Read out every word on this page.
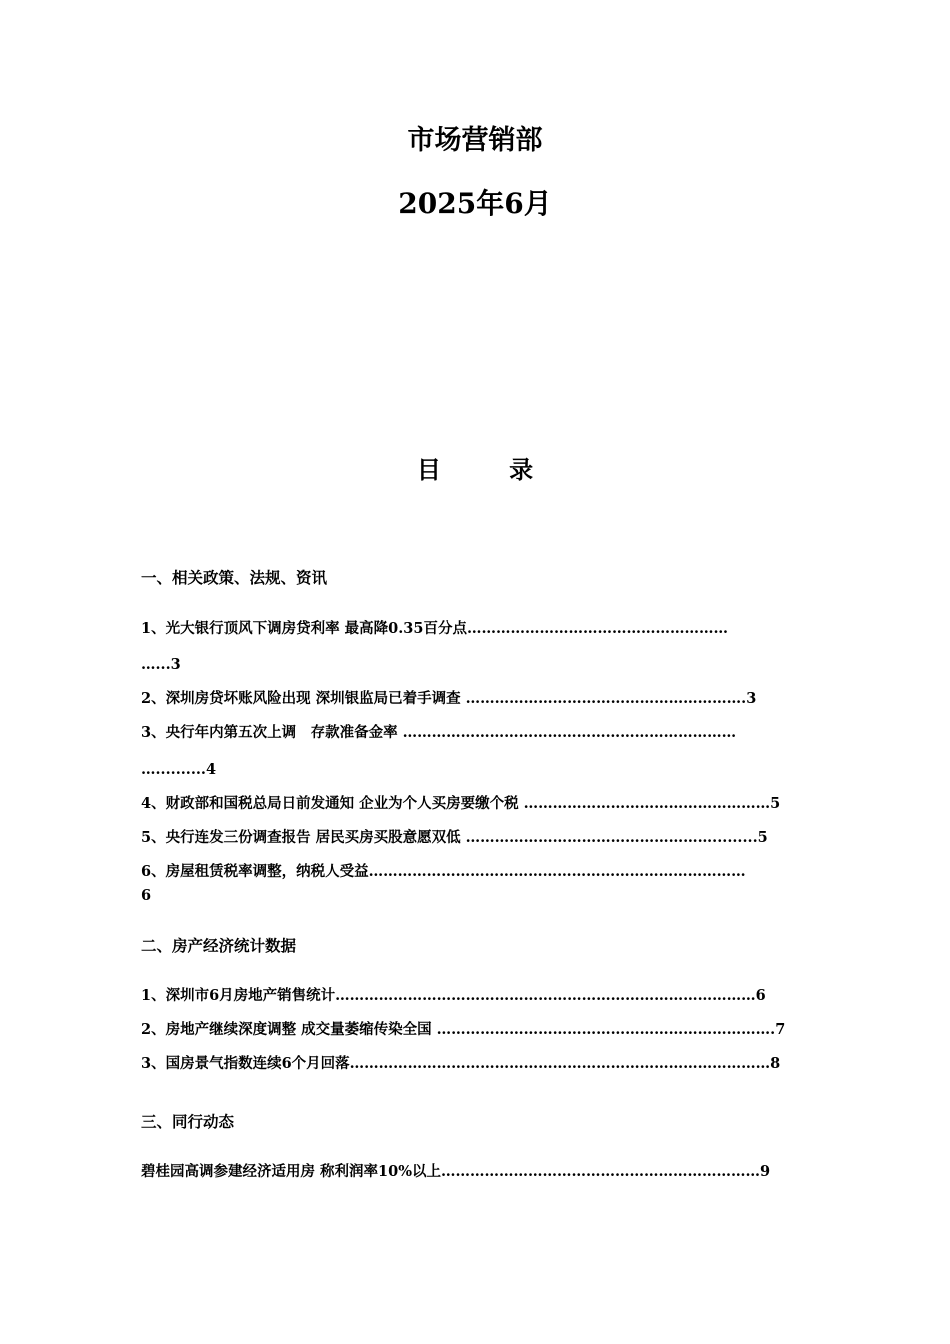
市场营销部
2025年6月
目 录
一、相关政策、法规、资讯
1、光大银行顶风下调房贷利率 最高降0.35百分点………………………………………………
…...3
2、深圳房贷坏账风险出现 深圳银监局已着手调查 ………………………………………………….3
3、央行年内第五次上调　存款准备金率 ……………………………………………………………
…..........4
4、财政部和国税总局日前发通知 企业为个人买房要缴个税 ……………………………………………5
5、央行连发三份调查报告 居民买房买股意愿双低 …………………………………………….........5
6、房屋租赁税率调整，纳税人受益……………………………………………………………………
6
二、房产经济统计数据
1、深圳市6月房地产销售统计……………………………………………………………………………6
2、房地产继续深度调整 成交量萎缩传染全国 …………………………………………………………….7
3、国房景气指数连续6个月回落……………………………………………………………………………8
三、同行动态
碧桂园高调参建经济适用房 称利润率10%以上…………………………………………………………9
